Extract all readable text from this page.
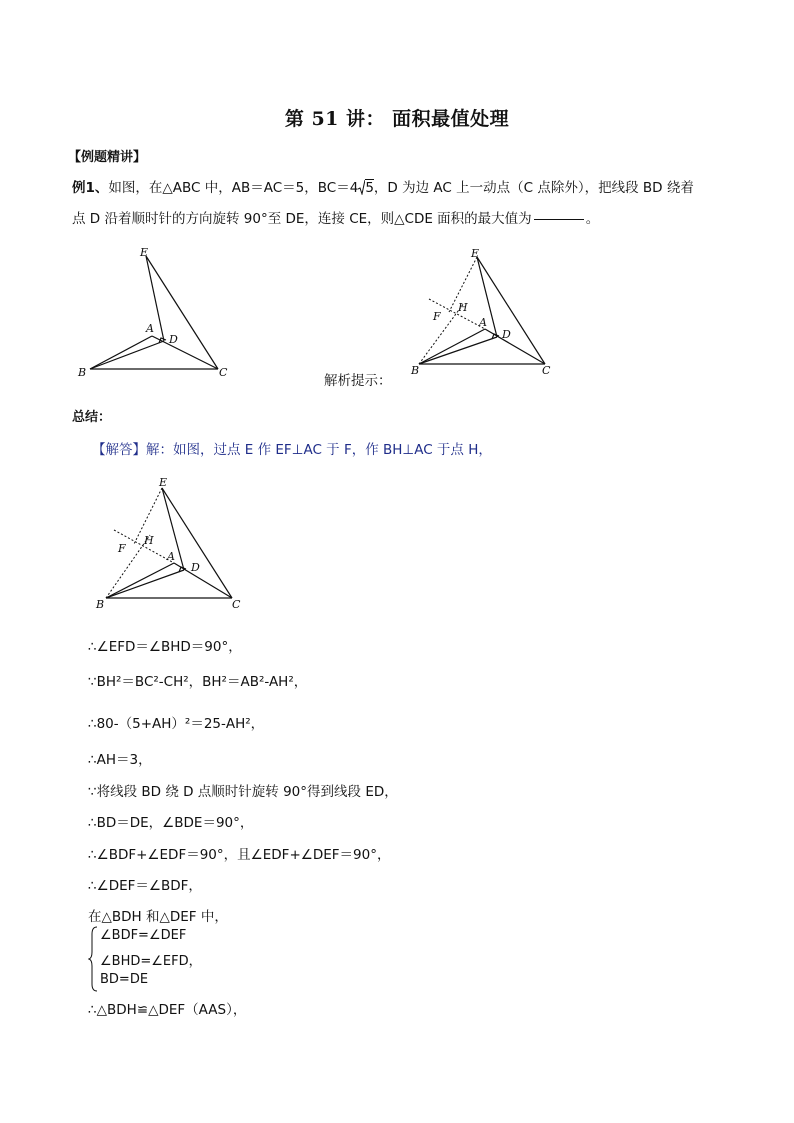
第 51 讲： 面积最值处理
【例题精讲】
例1、如图，在△ABC 中，AB＝AC＝5，BC＝4 5，D 为边 AC 上一动点（C 点除外），把线段 BD 绕着
点 D 沿着顺时针的方向旋转 90°至 DE，连接 CE，则△CDE 面积的最大值为	。
E
A
D
B	C
E
H
F	A
D
B	C
解析提示：
总结：
【解答】解：如图，过点 E 作 EF⊥AC 于 F，作 BH⊥AC 于点 H，
E
H
F
A
D
B	C
∴∠EFD＝∠BHD＝90°，
∵BH²＝BC²-CH²，BH²＝AB²-AH²，
∴80-（5+AH）²＝25-AH²，
∴AH＝3，
∵将线段 BD 绕 D 点顺时针旋转 90°得到线段 ED，
∴BD＝DE，∠BDE＝90°，
∴∠BDF+∠EDF＝90°，且∠EDF+∠DEF＝90°，
∴∠DEF＝∠BDF，
在△BDH 和△DEF 中，
∠BDF=∠DEF
∠BHD=∠EFD，
BD=DE
∴△BDH≌△DEF（AAS），
